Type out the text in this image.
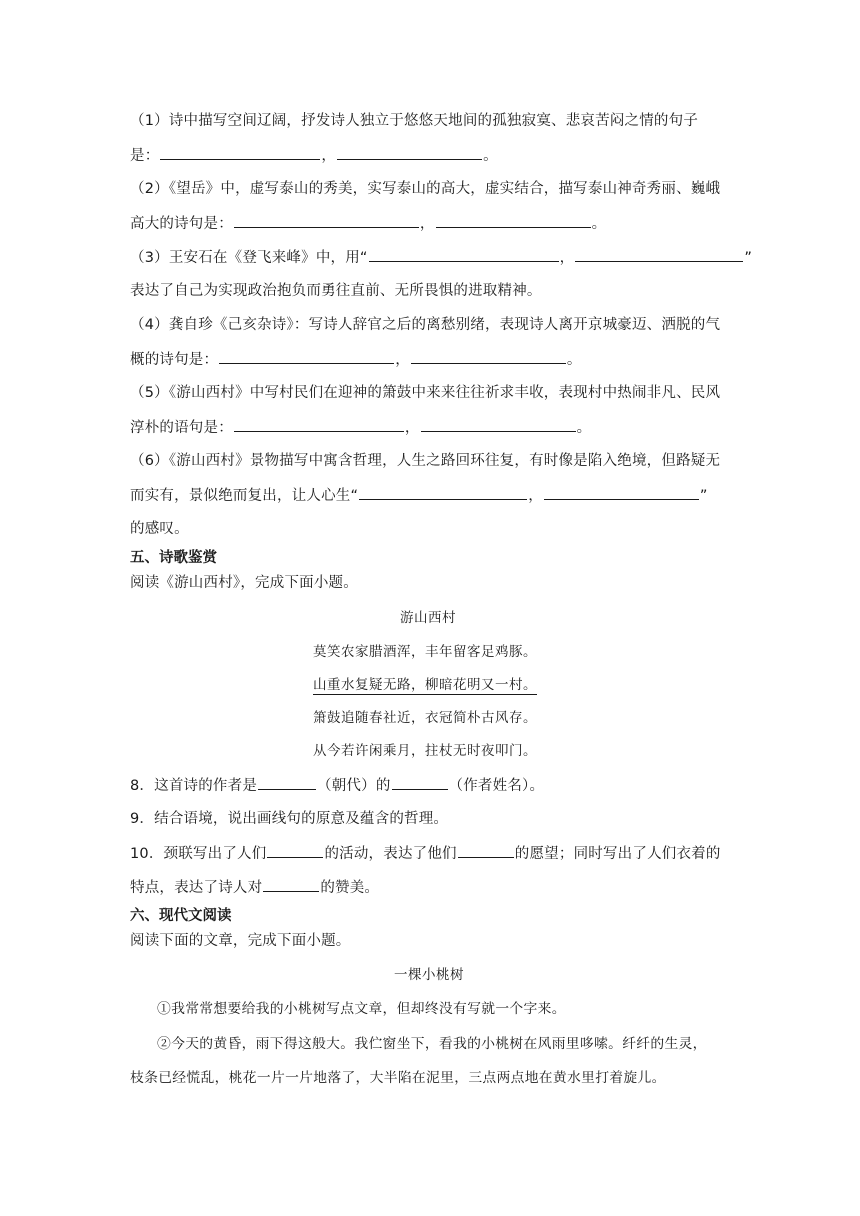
（1）诗中描写空间辽阔，抒发诗人独立于悠悠天地间的孤独寂寞、悲哀苦闷之情的句子
是：	，	。
（2）《望岳》中，虚写泰山的秀美，实写泰山的高大，虚实结合，描写泰山神奇秀丽、巍峨
高大的诗句是：	，	。
（3）王安石在《登飞来峰》中，用“	，	”
表达了自己为实现政治抱负而勇往直前、无所畏惧的进取精神。
（4）龚自珍《己亥杂诗》：写诗人辞官之后的离愁别绪，表现诗人离开京城豪迈、洒脱的气
概的诗句是：	，	。
（5）《游山西村》中写村民们在迎神的箫鼓中来来往往祈求丰收，表现村中热闹非凡、民风
淳朴的语句是：	，	。
（6）《游山西村》景物描写中寓含哲理，人生之路回环往复，有时像是陷入绝境，但路疑无
而实有，景似绝而复出，让人心生“	，	”
的感叹。
五、诗歌鉴赏
阅读《游山西村》，完成下面小题。
游山西村
莫笑农家腊酒浑，丰年留客足鸡豚。
山重水复疑无路，柳暗花明又一村。
箫鼓追随春社近，衣冠简朴古风存。
从今若许闲乘月，拄杖无时夜叩门。
8．这首诗的作者是	（朝代）的	（作者姓名）。
9．结合语境，说出画线句的原意及蕴含的哲理。
10．颈联写出了人们	的活动，表达了他们	的愿望；同时写出了人们衣着的
特点，表达了诗人对	的赞美。
六、现代文阅读
阅读下面的文章，完成下面小题。
一棵小桃树
①我常常想要给我的小桃树写点文章，但却终没有写就一个字来。
②今天的黄昏，雨下得这般大。我伫窗坐下，看我的小桃树在风雨里哆嗦。纤纤的生灵，
枝条已经慌乱，桃花一片一片地落了，大半陷在泥里，三点两点地在黄水里打着旋儿。
